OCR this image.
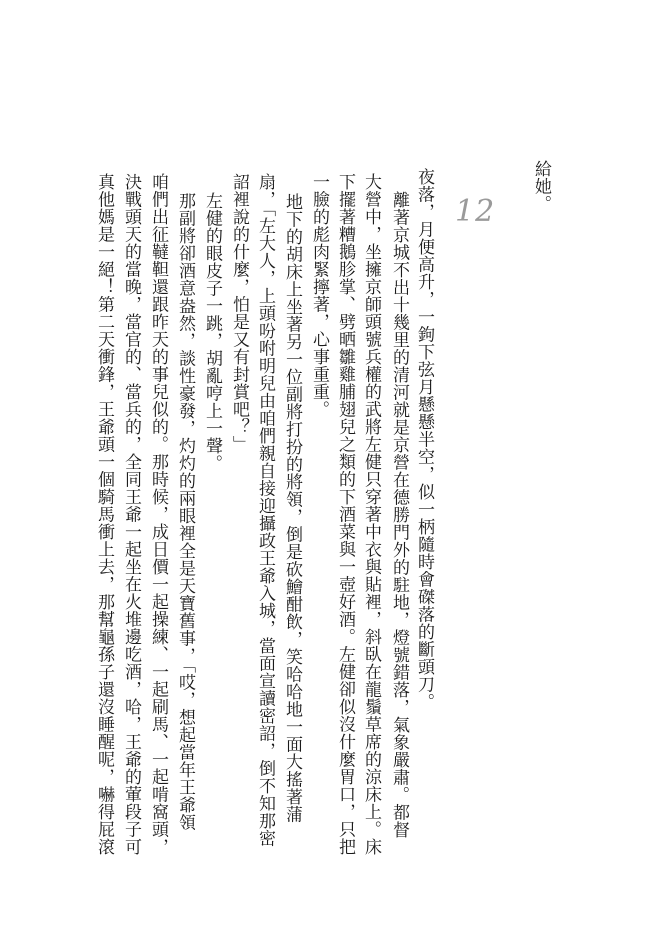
12 給她。
夜落，月便高升，一鉤下弦月懸懸半空，似一柄隨時會磔落的斷頭刀。
離著京城不出十幾里的清河就是京營在德勝門外的駐地，燈號錯落，氣象嚴肅。都督
大營中，坐擁京師頭號兵權的武將左健只穿著中衣與貼裡，斜臥在龍鬚草席的涼床上。床
下擺著糟鵝胗掌、劈晒雛雞脯翅兒之類的下酒菜與一壺好酒。左健卻似沒什麼胃口，只把
一臉的彪肉緊擰著，心事重重。
地下的胡床上坐著另一位副將打扮的將領，倒是砍鱠酣飲，笑哈哈地一面大搖著蒲
扇，「左大人，上頭吩咐明兒由咱們親自接迎攝政王爺入城，當面宣讀密詔，倒不知那密
詔裡說的什麼，怕是又有封賞吧？」
左健的眼皮子一跳，胡亂哼上一聲。
那副將卻酒意盎然，談性豪發，灼灼的兩眼裡全是天寶舊事，「哎，想起當年王爺領
咱們出征韃靼還跟昨天的事兒似的。那時候，成日價一起操練、一起刷馬、一起啃窩頭，
決戰頭天的當晚，當官的、當兵的，全同王爺一起坐在火堆邊吃酒，哈，王爺的葷段子可
真他媽是一絕！第二天衝鋒，王爺頭一個騎馬衝上去，那幫龜孫子還沒睡醒呢，嚇得屁滾
